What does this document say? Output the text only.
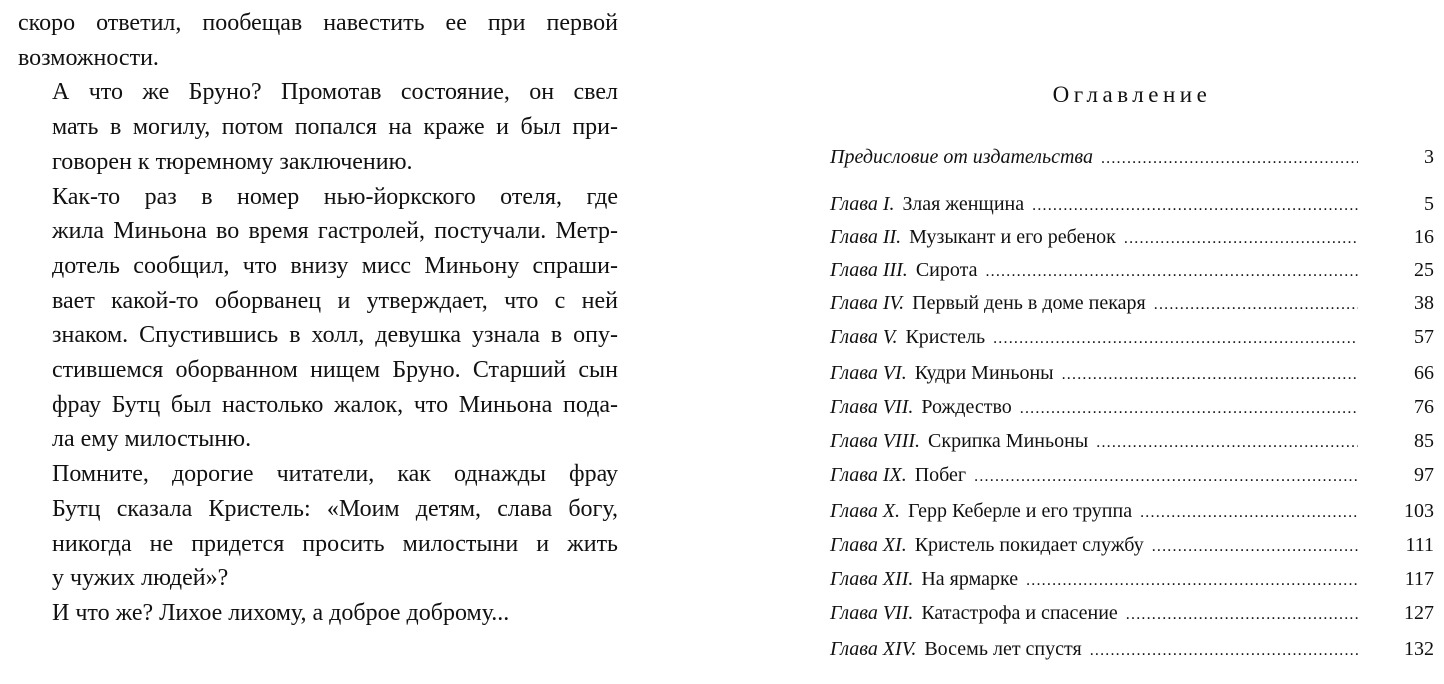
скоро ответил, пообещав навестить ее при первой
возможности.
А что же Бруно? Промотав состояние, он свел
мать в могилу, потом попался на краже и был при-
говорен к тюремному заключению.
Как-то раз в номер нью-йоркского отеля, где
жила Миньона во время гастролей, постучали. Метр-
дотель сообщил, что внизу мисс Миньону спраши-
вает какой-то оборванец и утверждает, что с ней
знаком. Спустившись в холл, девушка узнала в опу-
стившемся оборванном нищем Бруно. Старший сын
фрау Бутц был настолько жалок, что Миньона пода-
ла ему милостыню.
Помните, дорогие читатели, как однажды фрау
Бутц сказала Кристель: «Моим детям, слава богу,
никогда не придется просить милостыни и жить
у чужих людей»?
И что же? Лихое лихому, а доброе доброму...
Оглавление
Предисловие от издательства .....	3
Глава I. Злая женщина .....	5
Глава II. Музыкант и его ребенок .....	16
Глава III. Сирота .....	25
Глава IV. Первый день в доме пекаря .....	38
Глава V. Кристель .....	57
Глава VI. Кудри Миньоны .....	66
Глава VII. Рождество .....	76
Глава VIII. Скрипка Миньоны .....	85
Глава IX. Побег .....	97
Глава X. Герр Кеберле и его труппа .....	103
Глава XI. Кристель покидает службу .....	111
Глава XII. На ярмарке .....	117
Глава VII. Катастрофа и спасение .....	127
Глава XIV. Восемь лет спустя .....	132
